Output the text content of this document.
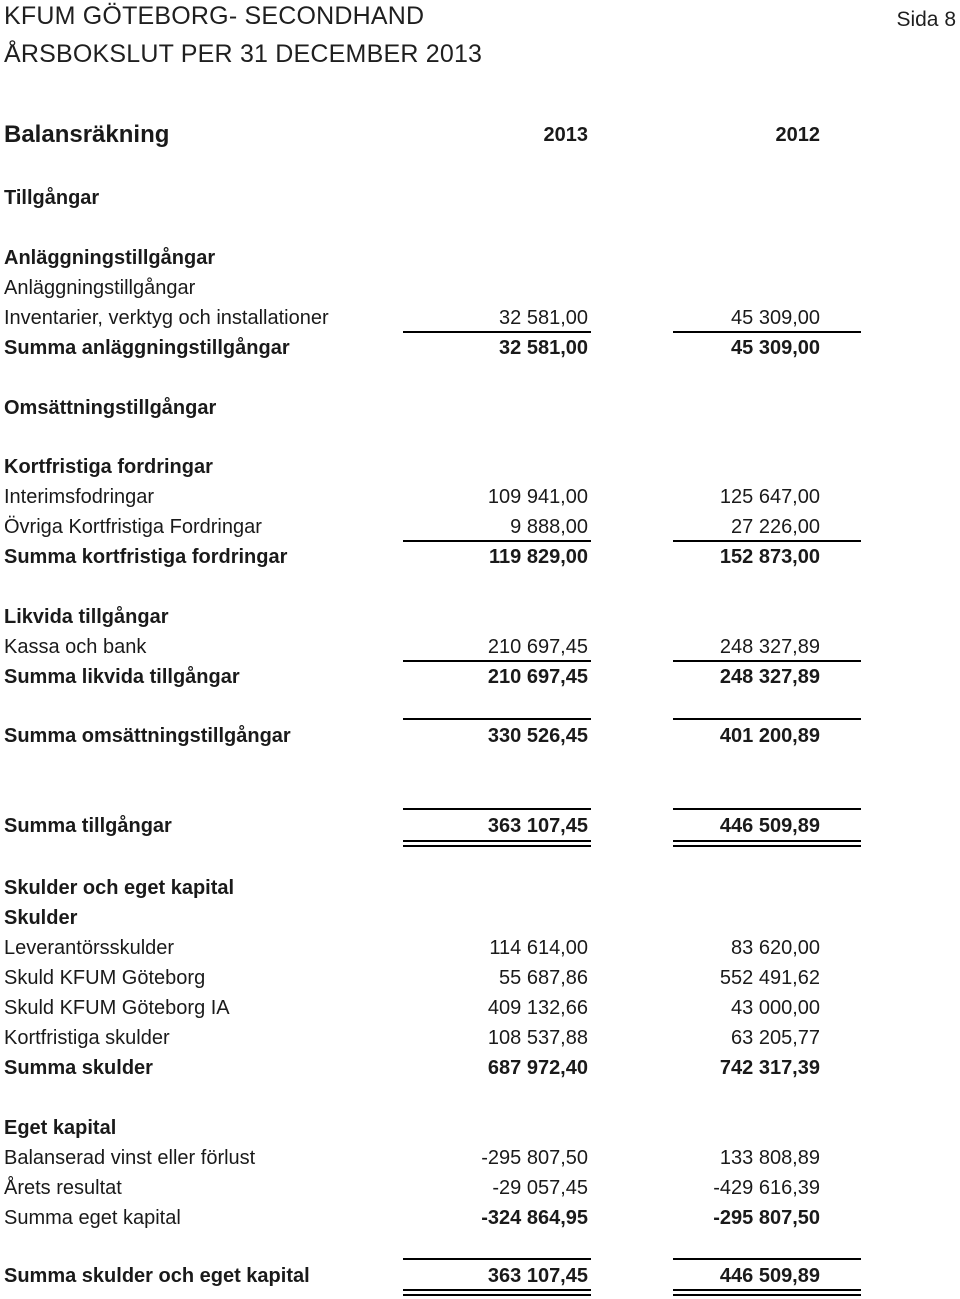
KFUM GÖTEBORG- SECONDHAND
ÅRSBOKSLUT PER 31 DECEMBER 2013
Sida 8
Balansräkning	2013	2012
Tillgångar
Anläggningstillgångar
Anläggningstillgångar
Inventarier, verktyg och installationer	32 581,00	45 309,00
Summa anläggningstillgångar	32 581,00	45 309,00
Omsättningstillgångar
Kortfristiga fordringar
Interimsfodringar	109 941,00	125 647,00
Övriga Kortfristiga Fordringar	9 888,00	27 226,00
Summa kortfristiga fordringar	119 829,00	152 873,00
Likvida tillgångar
Kassa och bank	210 697,45	248 327,89
Summa likvida tillgångar	210 697,45	248 327,89
Summa omsättningstillgångar	330 526,45	401 200,89
Summa tillgångar	363 107,45	446 509,89
Skulder och eget kapital
Skulder
Leverantörsskulder	114 614,00	83 620,00
Skuld KFUM Göteborg	55 687,86	552 491,62
Skuld KFUM Göteborg IA	409 132,66	43 000,00
Kortfristiga skulder	108 537,88	63 205,77
Summa skulder	687 972,40	742 317,39
Eget kapital
Balanserad vinst eller förlust	-295 807,50	133 808,89
Årets resultat	-29 057,45	-429 616,39
Summa eget kapital	-324 864,95	-295 807,50
Summa skulder och eget kapital	363 107,45	446 509,89
